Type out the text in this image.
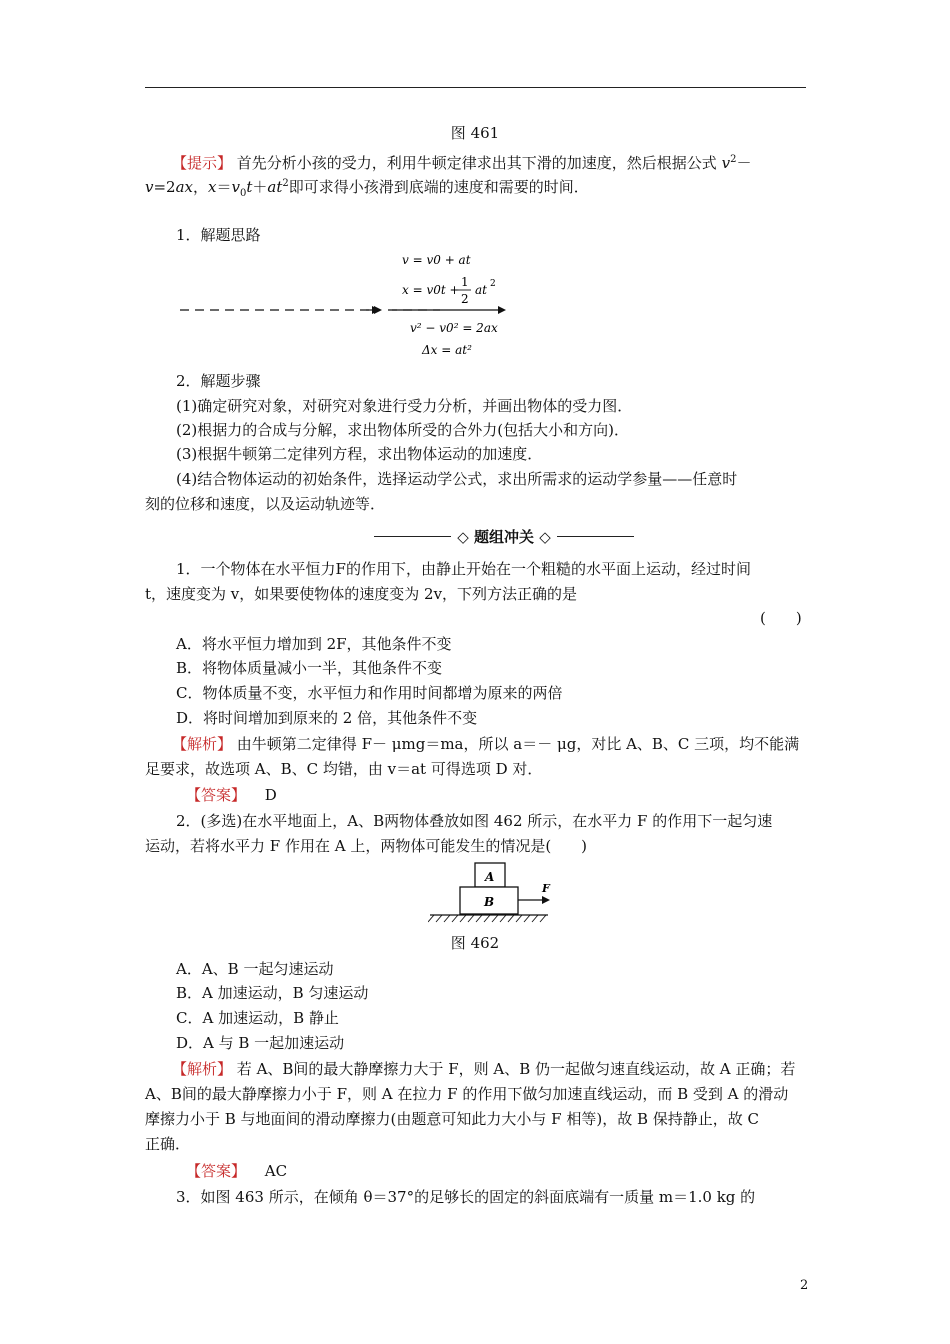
图 461
【提示】 首先分析小孩的受力，利用牛顿定律求出其下滑的加速度，然后根据公式 $v^2-$
v=2ax，$x=v_0t+at^2$即可求得小孩滑到底端的速度和需要的时间．
1．解题思路
v = v0 + at
x = v0t +
1
2
at 2
v² − v0² = 2ax
Δx = at²
2．解题步骤
(1)确定研究对象，对研究对象进行受力分析，并画出物体的受力图．
(2)根据力的合成与分解，求出物体所受的合外力(包括大小和方向)．
(3)根据牛顿第二定律列方程，求出物体运动的加速度．
(4)结合物体运动的初始条件，选择运动学公式，求出所需求的运动学参量——任意时
刻的位移和速度，以及运动轨迹等．
◇ 题组冲关 ◇
1．一个物体在水平恒力F的作用下，由静止开始在一个粗糙的水平面上运动，经过时间
t，速度变为 v，如果要使物体的速度变为 2v，下列方法正确的是
(　　)
A．将水平恒力增加到 2F，其他条件不变
B．将物体质量减小一半，其他条件不变
C．物体质量不变，水平恒力和作用时间都增为原来的两倍
D．将时间增加到原来的 2 倍，其他条件不变
【解析】 由牛顿第二定律得 F－ μmg＝ma，所以 a＝－ μg，对比 A、B、C 三项，均不能满
足要求，故选项 A、B、C 均错，由 v＝at 可得选项 D 对．
【答案】 D
2．(多选)在水平地面上，A、B两物体叠放如图 462 所示，在水平力 F 的作用下一起匀速
运动，若将水平力 F 作用在 A 上，两物体可能发生的情况是(　　)
A
B
F
图 462
A．A、B 一起匀速运动
B．A 加速运动，B 匀速运动
C．A 加速运动，B 静止
D．A 与 B 一起加速运动
【解析】 若 A、B间的最大静摩擦力大于 F，则 A、B 仍一起做匀速直线运动，故 A 正确；若
A、B间的最大静摩擦力小于 F，则 A 在拉力 F 的作用下做匀加速直线运动，而 B 受到 A 的滑动
摩擦力小于 B 与地面间的滑动摩擦力(由题意可知此力大小与 F 相等)，故 B 保持静止，故 C
正确．
【答案】 AC
3．如图 463 所示，在倾角 θ＝37°的足够长的固定的斜面底端有一质量 m＝1.0 kg 的
2
